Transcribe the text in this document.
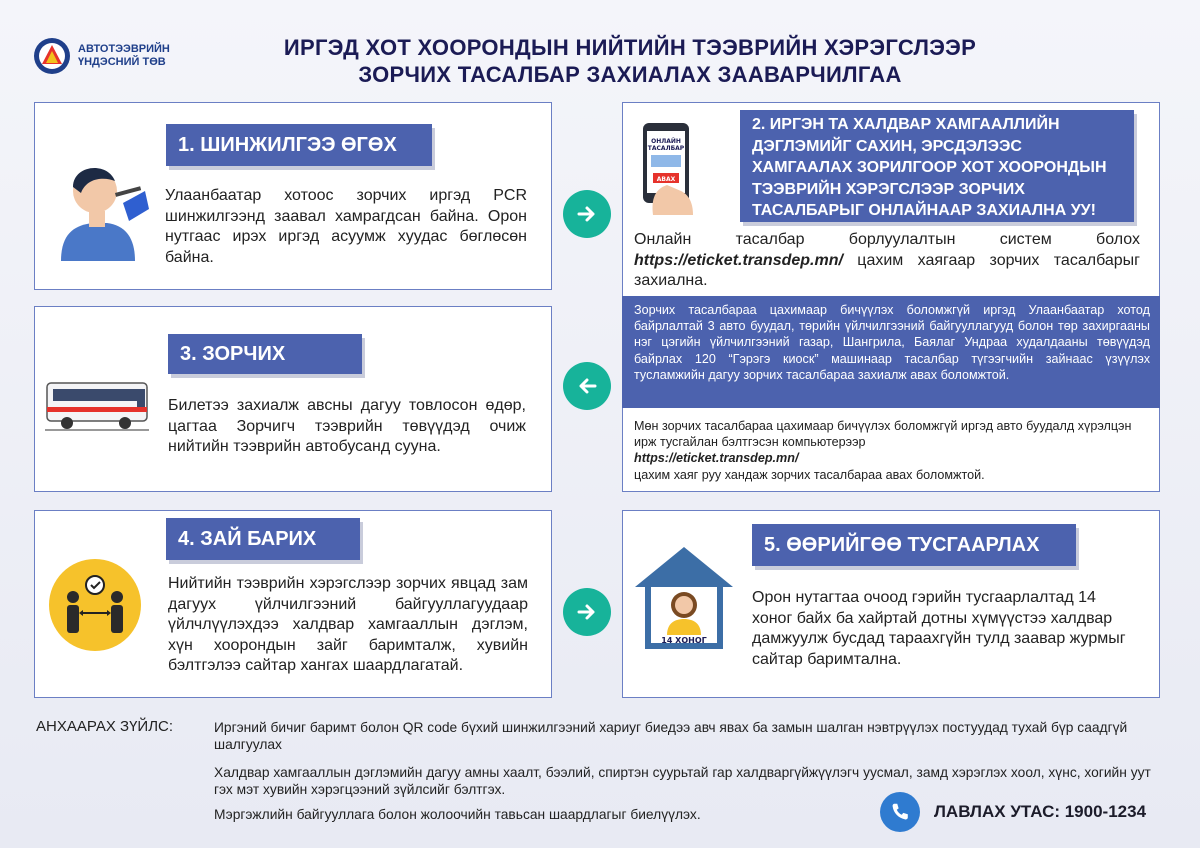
АВТОТЭЭВРИЙН
ҮНДЭСНИЙ ТӨВ
ИРГЭД ХОТ ХООРОНДЫН НИЙТИЙН ТЭЭВРИЙН ХЭРЭГСЛЭЭР
ЗОРЧИХ ТАСАЛБАР ЗАХИАЛАХ ЗААВАРЧИЛГАА
1. ШИНЖИЛГЭЭ ӨГӨХ
Улаанбаатар хотоос зорчих иргэд PCR шинжилгээнд заавал хамрагдсан байна. Орон нутгаас ирэх иргэд асуумж хуудас бөглөсөн байна.
ОНЛАЙН
ТАСАЛБАР
АВАХ
2. ИРГЭН ТА ХАЛДВАР ХАМГААЛЛИЙН ДЭГЛЭМИЙГ САХИН, ЭРСДЭЛЭЭС ХАМГААЛАХ ЗОРИЛГООР ХОТ ХООРОНДЫН ТЭЭВРИЙН ХЭРЭГСЛЭЭР ЗОРЧИХ ТАСАЛБАРЫГ ОНЛАЙНААР ЗАХИАЛНА УУ!
Онлайн тасалбар борлуулалтын систем болох https://eticket.transdep.mn/ цахим хаягаар зорчих тасалбарыг захиална.
Зорчих тасалбараа цахимаар бичүүлэх боломжгүй иргэд Улаанбаатар хотод байрлалтай 3 авто буудал, төрийн үйлчилгээний байгууллагууд болон төр захиргааны нэг цэгийн үйлчилгээний газар, Шангрила, Баялаг Ундраа худалдааны төвүүдэд байрлах 120 “Гэрэгэ киоск” машинаар тасалбар түгээгчийн зайнаас үзүүлэх тусламжийн дагуу зорчих тасалбараа захиалж авах боломжтой.
Мөн зорчих тасалбараа цахимаар бичүүлэх боломжгүй иргэд авто буудалд хүрэлцэн ирж тусгайлан бэлтгэсэн компьютерээр
https://eticket.transdep.mn/
цахим хаяг руу хандаж зорчих тасалбараа авах боломжтой.
3. ЗОРЧИХ
Билетээ захиалж авсны дагуу товлосон өдөр, цагтаа Зорчигч тээврийн төвүүдэд очиж нийтийн тээврийн автобусанд сууна.
4. ЗАЙ БАРИХ
Нийтийн тээврийн хэрэгслээр зорчих явцад зам дагуух үйлчилгээний байгууллагуудаар үйлчлүүлэхдээ халдвар хамгааллын дэглэм, хүн хоорондын зайг баримталж, хувийн бэлтгэлээ сайтар хангах шаардлагатай.
14 ХОНОГ
5. ӨӨРИЙГӨӨ ТУСГААРЛАХ
Орон нутагтаа очоод гэрийн тусгаарлалтад 14 хоног байх ба хайртай дотны хүмүүстээ халдвар дамжуулж бусдад тараахгүйн тулд заавар журмыг сайтар баримтална.
АНХААРАХ ЗҮЙЛС:	Иргэний бичиг баримт болон QR code бүхий шинжилгээний хариуг биедээ авч явах ба замын шалган нэвтрүүлэх постуудад тухай бүр саадгүй шалгуулах
Халдвар хамгааллын дэглэмийн дагуу амны хаалт, бээлий, спиртэн суурьтай гар халдваргүйжүүлэгч уусмал, замд хэрэглэх хоол, хүнс, хогийн уут гэх мэт хувийн хэрэгцээний зүйлсийг бэлтгэх.
Мэргэжлийн байгууллага болон жолоочийн тавьсан шаардлагыг биелүүлэх.	ЛАВЛАХ УТАС: 1900-1234
